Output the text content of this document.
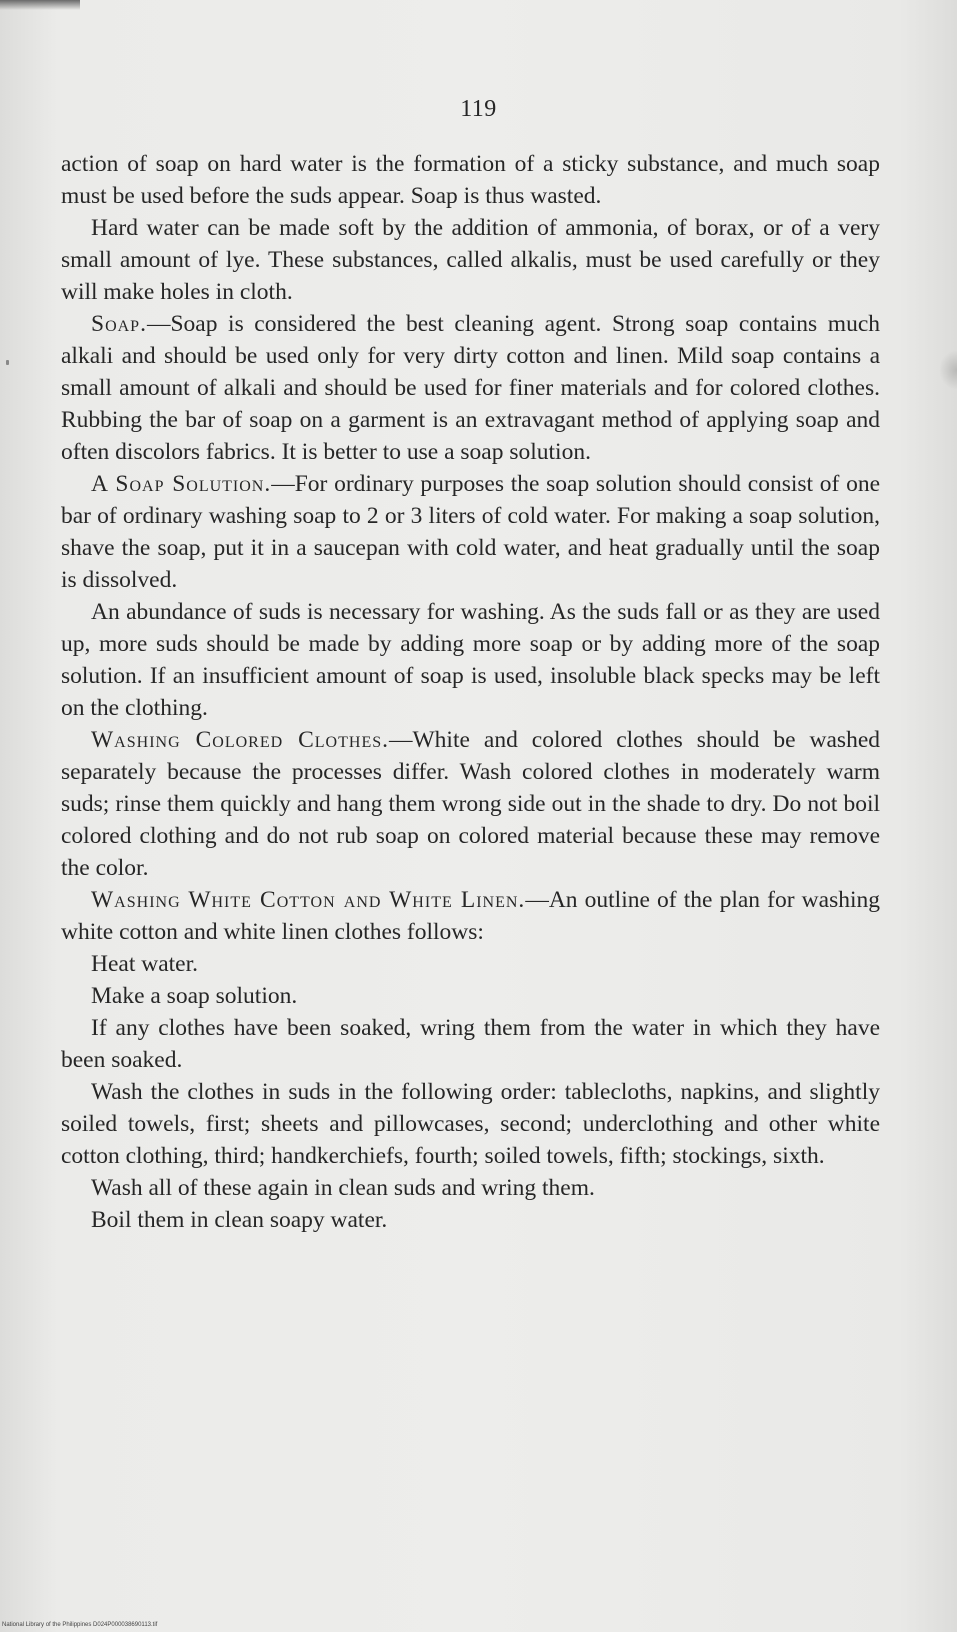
119

action of soap on hard water is the formation of a sticky substance, and much soap must be used before the suds appear. Soap is thus wasted.

Hard water can be made soft by the addition of ammonia, of borax, or of a very small amount of lye. These substances, called alkalis, must be used carefully or they will make holes in cloth.

Soap.—Soap is considered the best cleaning agent. Strong soap contains much alkali and should be used only for very dirty cotton and linen. Mild soap contains a small amount of alkali and should be used for finer materials and for colored clothes. Rubbing the bar of soap on a garment is an extravagant method of applying soap and often discolors fabrics. It is better to use a soap solution.

A Soap Solution.—For ordinary purposes the soap solution should consist of one bar of ordinary washing soap to 2 or 3 liters of cold water. For making a soap solution, shave the soap, put it in a saucepan with cold water, and heat gradually until the soap is dissolved.

An abundance of suds is necessary for washing. As the suds fall or as they are used up, more suds should be made by adding more soap or by adding more of the soap solution. If an insufficient amount of soap is used, insoluble black specks may be left on the clothing.

Washing Colored Clothes.—White and colored clothes should be washed separately because the processes differ. Wash colored clothes in moderately warm suds; rinse them quickly and hang them wrong side out in the shade to dry. Do not boil colored clothing and do not rub soap on colored material because these may remove the color.

Washing White Cotton and White Linen.—An outline of the plan for washing white cotton and white linen clothes follows:

Heat water.

Make a soap solution.

If any clothes have been soaked, wring them from the water in which they have been soaked.

Wash the clothes in suds in the following order: tablecloths, napkins, and slightly soiled towels, first; sheets and pillowcases, second; underclothing and other white cotton clothing, third; handkerchiefs, fourth; soiled towels, fifth; stockings, sixth.

Wash all of these again in clean suds and wring them.

Boil them in clean soapy water.

National Library of the Philippines D024P000038690113.tif
